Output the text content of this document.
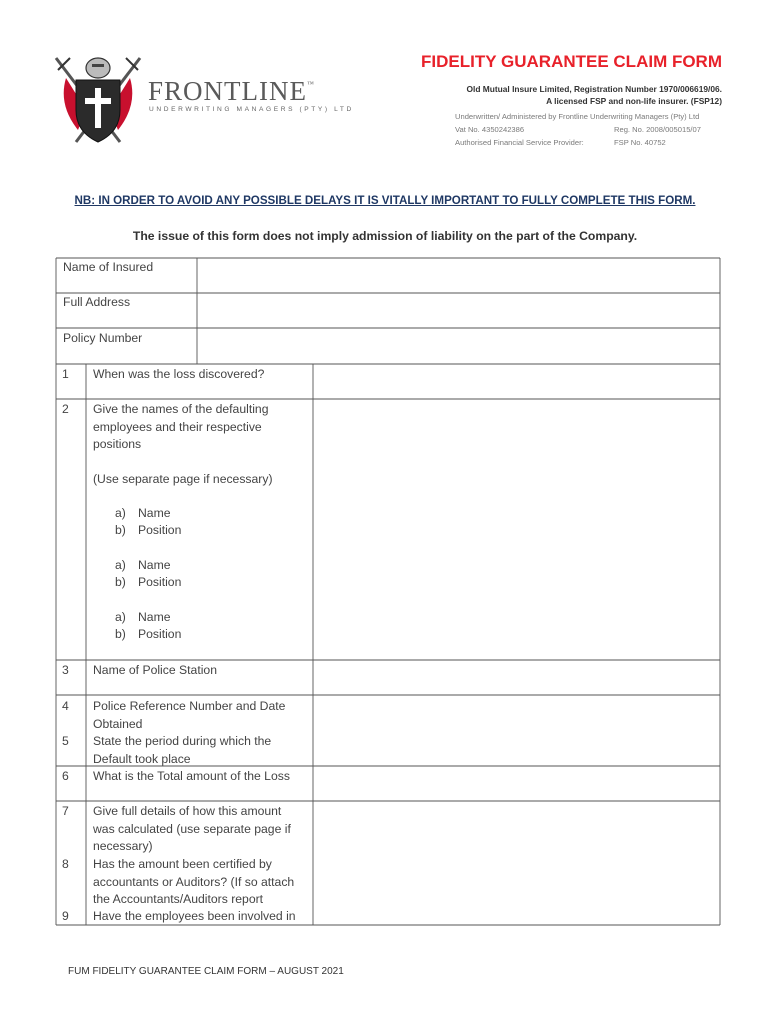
FRONTLINE™
UNDERWRITING MANAGERS (PTY) LTD
FIDELITY GUARANTEE CLAIM FORM
Old Mutual Insure Limited, Registration Number 1970/006619/06.
A licensed FSP and non-life insurer. (FSP12)
Underwritten/ Administered by Frontline Underwriting Managers (Pty) Ltd
Vat No. 4350242386	Reg. No. 2008/005015/07
Authorised Financial Service Provider:	FSP No. 40752
NB: IN ORDER TO AVOID ANY POSSIBLE DELAYS IT IS VITALLY IMPORTANT TO FULLY COMPLETE THIS FORM.
The issue of this form does not imply admission of liability on the part of the Company.
Name of Insured
Full Address
Policy Number
1 When was the loss discovered?
2 Give the names of the defaulting
employees and their respective
positions
(Use separate page if necessary)
a) Name
b) Position
a) Name
b) Position
a) Name
b) Position
3 Name of Police Station
4 Police Reference Number and Date
Obtained
5 State the period during which the
Default took place
6 What is the Total amount of the Loss
7 Give full details of how this amount
was calculated (use separate page if
necessary)
8 Has the amount been certified by
accountants or Auditors? (If so attach
the Accountants/Auditors report
9 Have the employees been involved in
FUM FIDELITY GUARANTEE CLAIM FORM – AUGUST 2021
